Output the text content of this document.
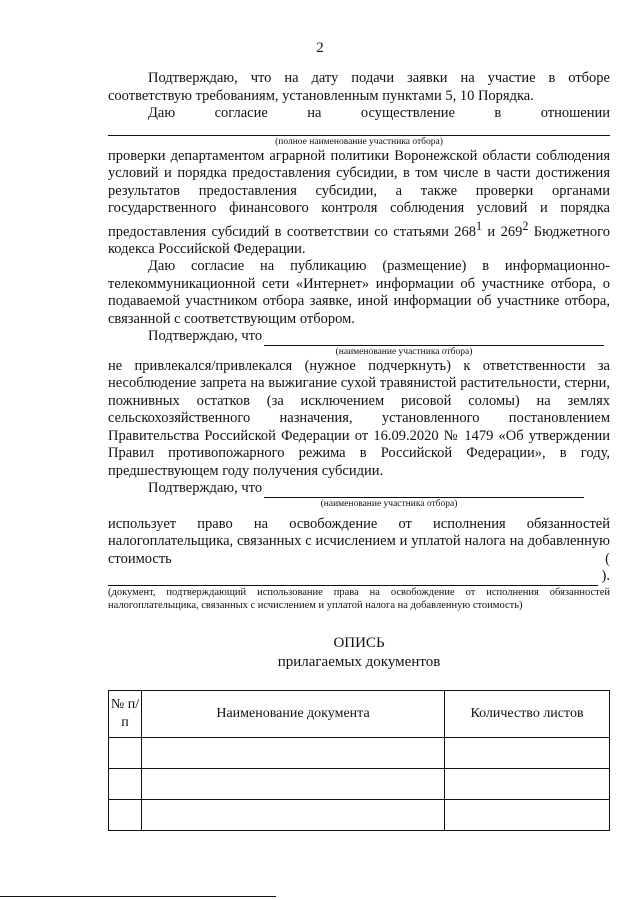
2

Подтверждаю, что на дату подачи заявки на участие в отборе соответствую требованиям, установленным пунктами 5, 10 Порядка.

Даю согласие на осуществление в отношении

(полное наименование участника отбора)

проверки департаментом аграрной политики Воронежской области соблюдения условий и порядка предоставления субсидии, в том числе в части достижения результатов предоставления субсидии, а также проверки органами государственного финансового контроля соблюдения условий и порядка предоставления субсидий в соответствии со статьями $268^1$ и $269^2$ Бюджетного кодекса Российской Федерации.

Даю согласие на публикацию (размещение) в информационно-телекоммуникационной сети «Интернет» информации об участнике отбора, о подаваемой участником отбора заявке, иной информации об участнике отбора, связанной с соответствующим отбором.

Подтверждаю, что
(наименование участника отбора)

не привлекался/привлекался (нужное подчеркнуть) к ответственности за несоблюдение запрета на выжигание сухой травянистой растительности, стерни, пожнивных остатков (за исключением рисовой соломы) на землях сельскохозяйственного назначения, установленного постановлением Правительства Российской Федерации от 16.09.2020 № 1479 «Об утверждении Правил противопожарного режима в Российской Федерации», в году, предшествующем году получения субсидии.

Подтверждаю, что
(наименование участника отбора)

использует право на освобождение от исполнения обязанностей налогоплательщика, связанных с исчислением и уплатой налога на добавленную стоимость (

).
(документ, подтверждающий использование права на освобождение от исполнения обязанностей налогоплательщика, связанных с исчислением и уплатой налога на добавленную стоимость)
ОПИСЬ
прилагаемых документов
№ п/п	Наименование документа	Количество листов
